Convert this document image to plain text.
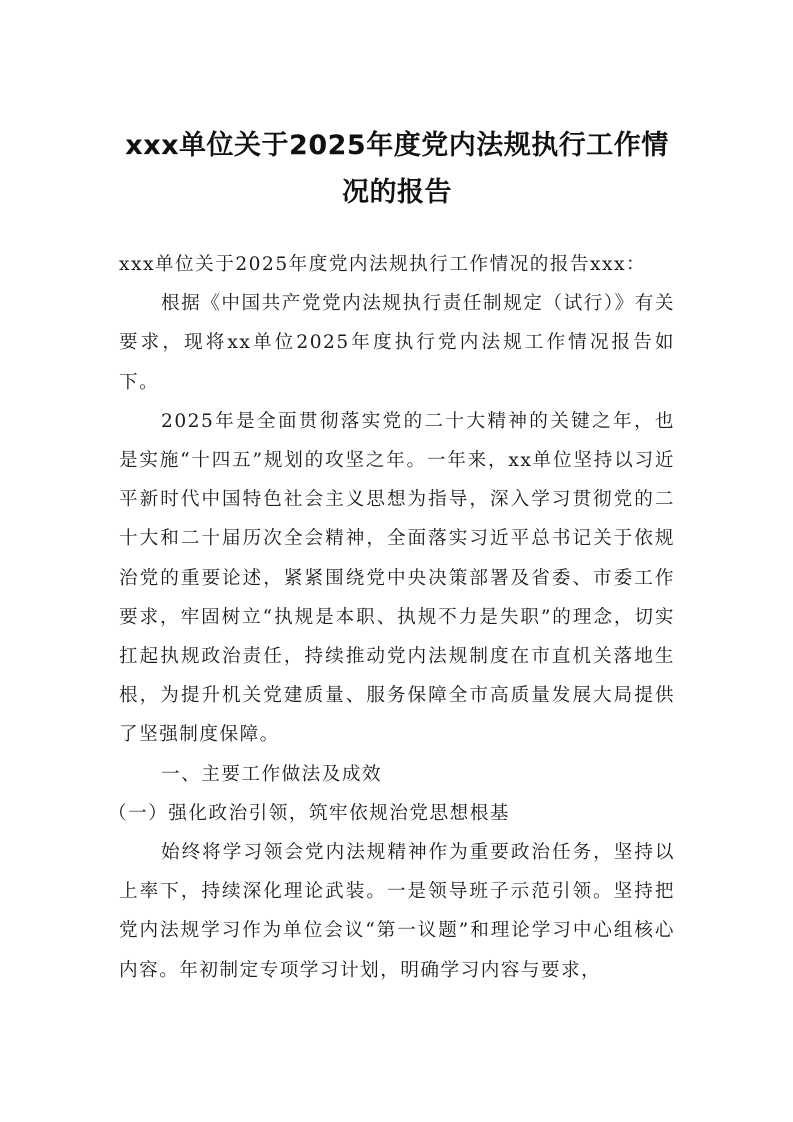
xxx单位关于2025年度党内法规执行工作情况的报告

xxx单位关于2025年度党内法规执行工作情况的报告xxx：

根据《中国共产党党内法规执行责任制规定（试行）》有关要求，现将xx单位2025年度执行党内法规工作情况报告如下。

2025年是全面贯彻落实党的二十大精神的关键之年，也是实施“十四五”规划的攻坚之年。一年来，xx单位坚持以习近平新时代中国特色社会主义思想为指导，深入学习贯彻党的二十大和二十届历次全会精神，全面落实习近平总书记关于依规治党的重要论述，紧紧围绕党中央决策部署及省委、市委工作要求，牢固树立“执规是本职、执规不力是失职”的理念，切实扛起执规政治责任，持续推动党内法规制度在市直机关落地生根，为提升机关党建质量、服务保障全市高质量发展大局提供了坚强制度保障。

一、主要工作做法及成效

（一）强化政治引领，筑牢依规治党思想根基

始终将学习领会党内法规精神作为重要政治任务，坚持以上率下，持续深化理论武装。一是领导班子示范引领。坚持把党内法规学习作为单位会议“第一议题”和理论学习中心组核心内容。年初制定专项学习计划，明确学习内容与要求，
